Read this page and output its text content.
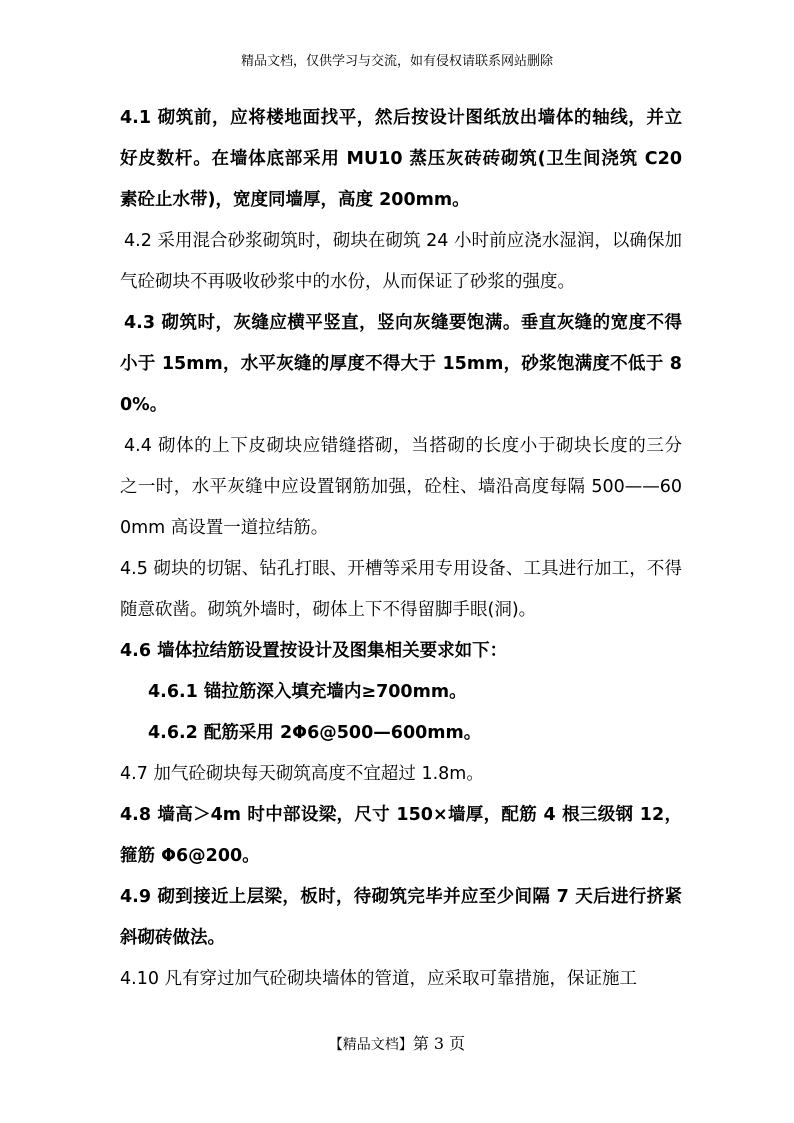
精品文档，仅供学习与交流，如有侵权请联系网站删除

4.1 砌筑前，应将楼地面找平，然后按设计图纸放出墙体的轴线，并立好皮数杆。在墙体底部采用 MU10 蒸压灰砖砖砌筑(卫生间浇筑 C20 素砼止水带)，宽度同墙厚，高度 200mm。

4.2 采用混合砂浆砌筑时，砌块在砌筑 24 小时前应浇水湿润，以确保加气砼砌块不再吸收砂浆中的水份，从而保证了砂浆的强度。

4.3 砌筑时，灰缝应横平竖直，竖向灰缝要饱满。垂直灰缝的宽度不得小于 15mm，水平灰缝的厚度不得大于 15mm，砂浆饱满度不低于 80%。

4.4 砌体的上下皮砌块应错缝搭砌，当搭砌的长度小于砌块长度的三分之一时，水平灰缝中应设置钢筋加强，砼柱、墙沿高度每隔 500——600mm 高设置一道拉结筋。

4.5 砌块的切锯、钻孔打眼、开槽等采用专用设备、工具进行加工，不得随意砍凿。砌筑外墙时，砌体上下不得留脚手眼(洞)。

4.6 墙体拉结筋设置按设计及图集相关要求如下：

4.6.1 锚拉筋深入填充墙内≥700mm。

4.6.2 配筋采用 2Φ6@500—600mm。

4.7 加气砼砌块每天砌筑高度不宜超过 1.8m。

4.8 墙高＞4m 时中部设梁，尺寸 150×墙厚，配筋 4 根三级钢 12，箍筋 Φ6@200。

4.9 砌到接近上层梁，板时，待砌筑完毕并应至少间隔 7 天后进行挤紧斜砌砖做法。

4.10 凡有穿过加气砼砌块墙体的管道，应采取可靠措施，保证施工

【精品文档】第 3 页
